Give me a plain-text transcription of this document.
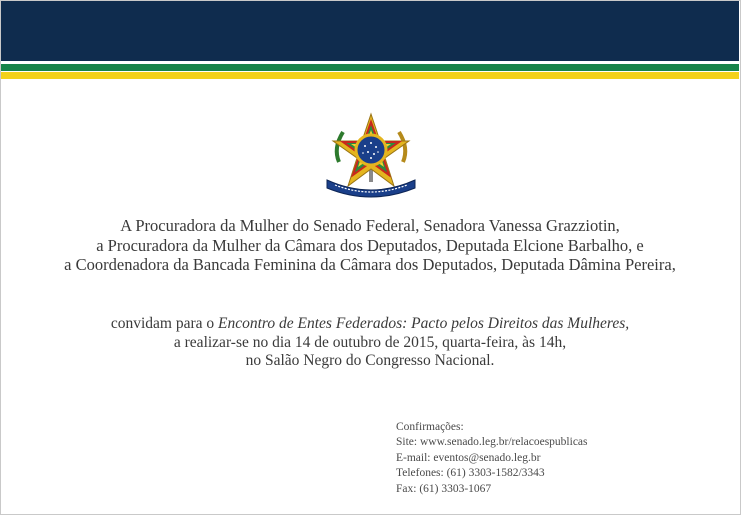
A Procuradora da Mulher do Senado Federal, Senadora Vanessa Grazziotin,
a Procuradora da Mulher da Câmara dos Deputados, Deputada Elcione Barbalho, e
a Coordenadora da Bancada Feminina da Câmara dos Deputados, Deputada Dâmina Pereira,
convidam para o Encontro de Entes Federados: Pacto pelos Direitos das Mulheres,
a realizar-se no dia 14 de outubro de 2015, quarta-feira, às 14h,
no Salão Negro do Congresso Nacional.
Confirmações:
Site: www.senado.leg.br/relacoespublicas
E-mail: eventos@senado.leg.br
Telefones: (61) 3303-1582/3343
Fax: (61) 3303-1067
